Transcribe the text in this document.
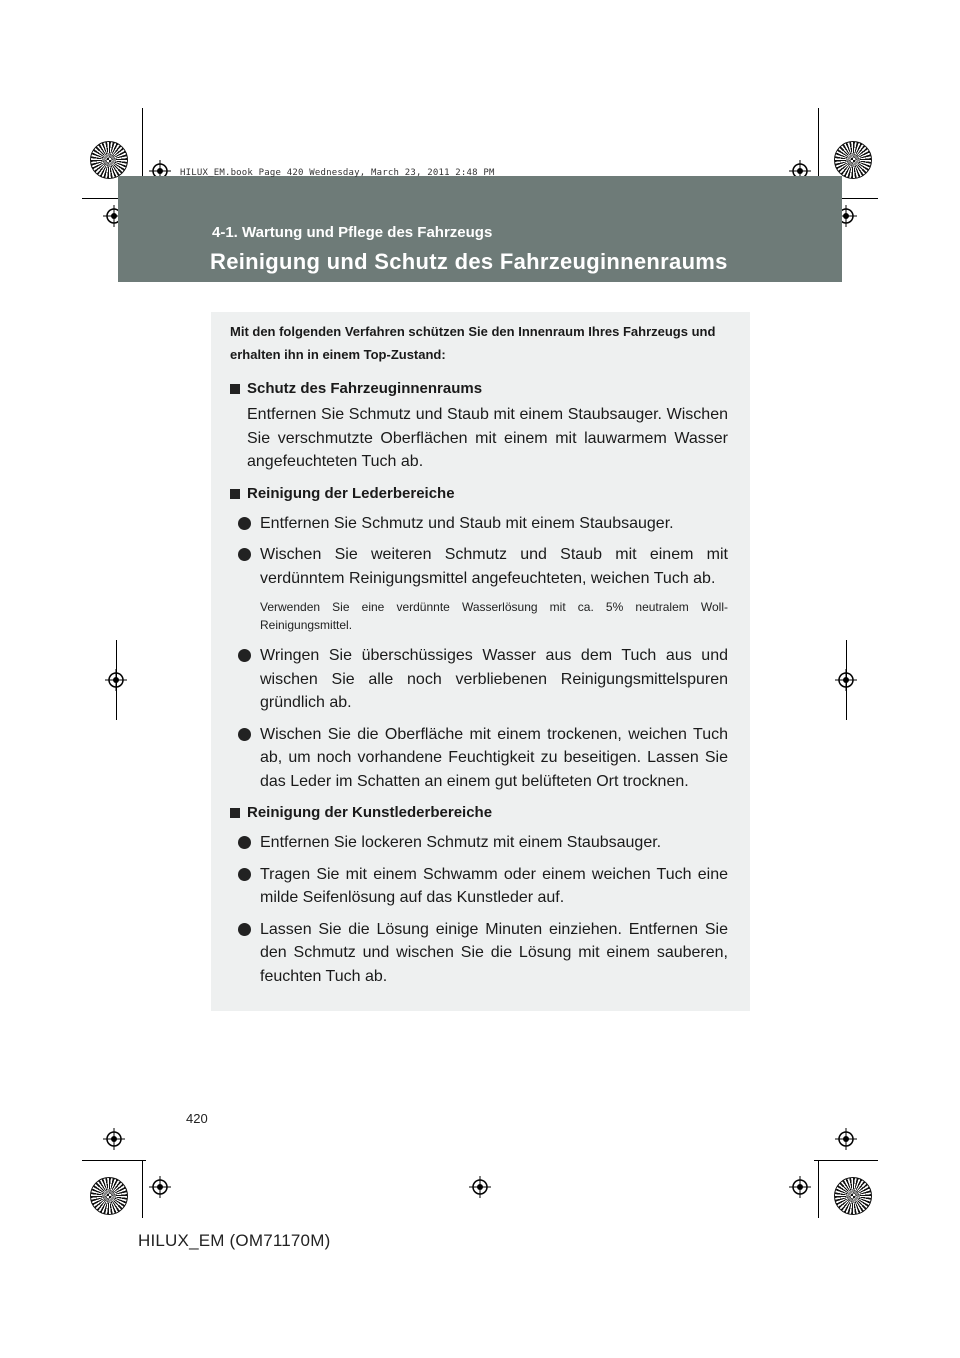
HILUX_EM.book Page 420 Wednesday, March 23, 2011 2:48 PM
4-1. Wartung und Pflege des Fahrzeugs
Reinigung und Schutz des Fahrzeuginnenraums

Mit den folgenden Verfahren schützen Sie den Innenraum Ihres Fahrzeugs und erhalten ihn in einem Top-Zustand:

Schutz des Fahrzeuginnenraums

Entfernen Sie Schmutz und Staub mit einem Staubsauger. Wischen Sie verschmutzte Oberflächen mit einem mit lauwarmem Wasser angefeuchteten Tuch ab.

Reinigung der Lederbereiche
Entfernen Sie Schmutz und Staub mit einem Staubsauger.
Wischen Sie weiteren Schmutz und Staub mit einem mit verdünntem Reinigungsmittel angefeuchteten, weichen Tuch ab.

Verwenden Sie eine verdünnte Wasserlösung mit ca. 5% neutralem Woll-Reinigungsmittel.

Wringen Sie überschüssiges Wasser aus dem Tuch aus und wischen Sie alle noch verbliebenen Reinigungsmittelspuren gründlich ab.
Wischen Sie die Oberfläche mit einem trockenen, weichen Tuch ab, um noch vorhandene Feuchtigkeit zu beseitigen. Lassen Sie das Leder im Schatten an einem gut belüfteten Ort trocknen.
Reinigung der Kunstlederbereiche
Entfernen Sie lockeren Schmutz mit einem Staubsauger.
Tragen Sie mit einem Schwamm oder einem weichen Tuch eine milde Seifenlösung auf das Kunstleder auf.
Lassen Sie die Lösung einige Minuten einziehen. Entfernen Sie den Schmutz und wischen Sie die Lösung mit einem sauberen, feuchten Tuch ab.
420
HILUX_EM (OM71170M)
